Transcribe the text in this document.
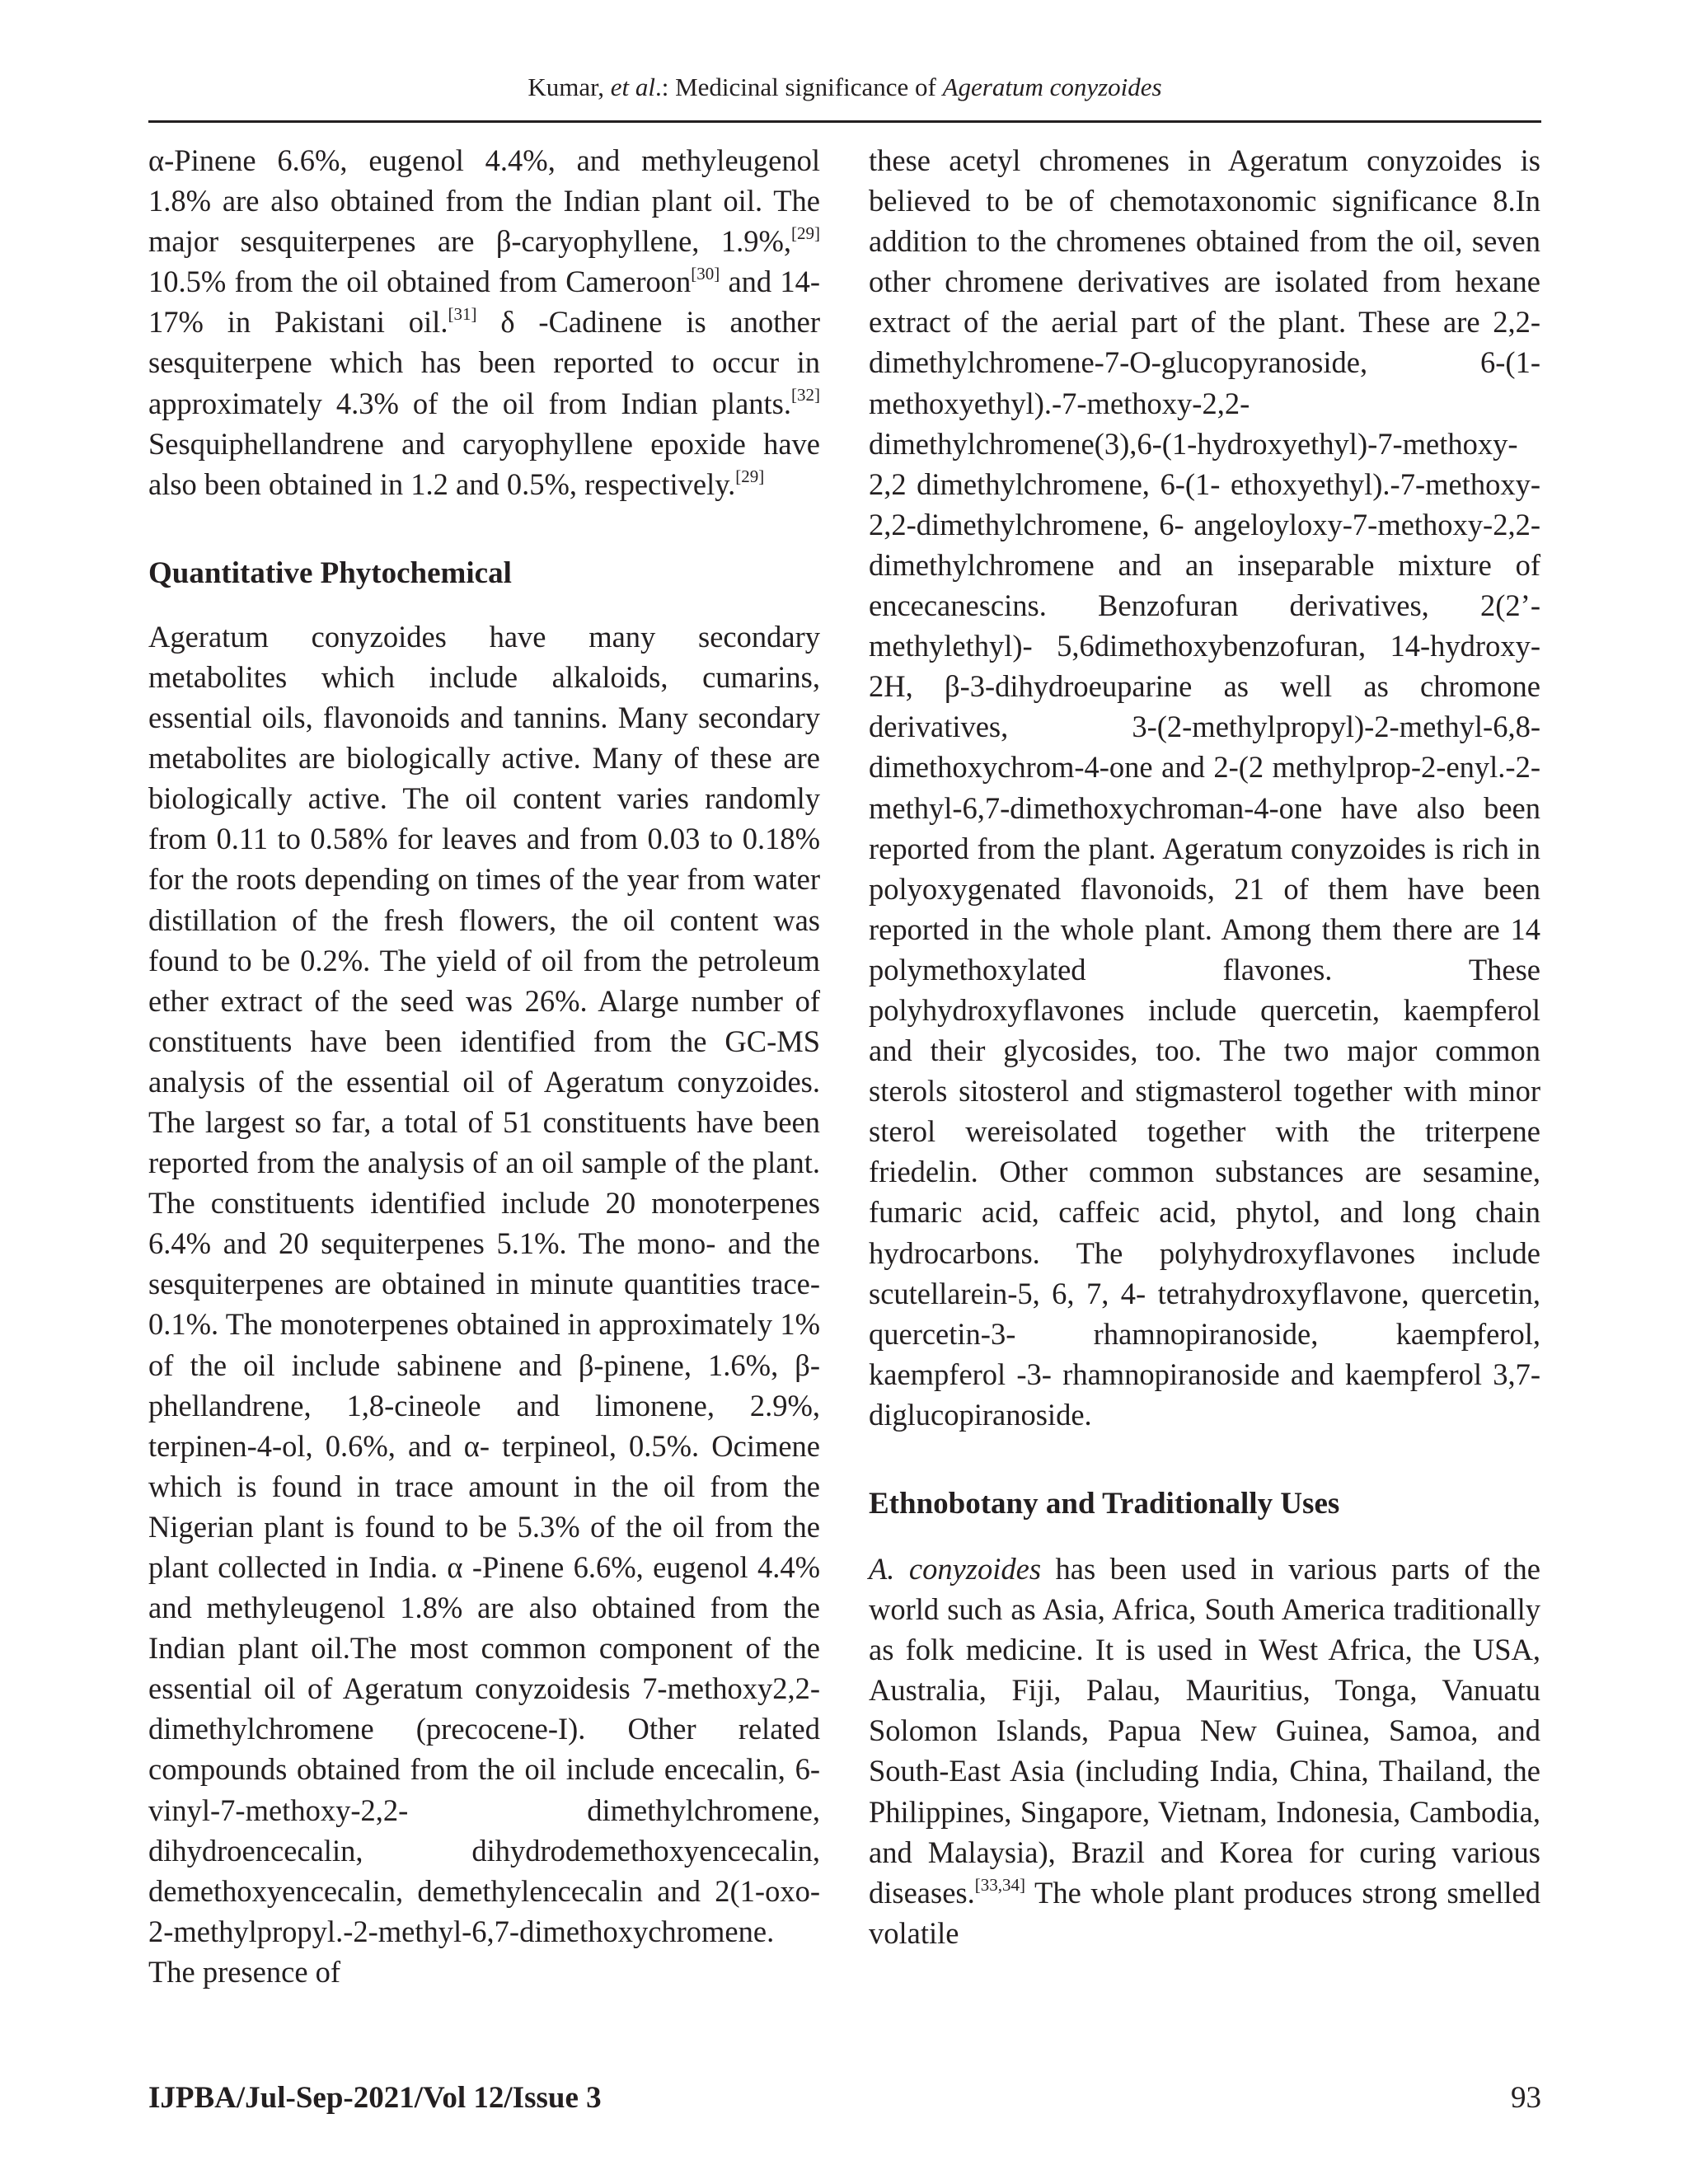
Kumar, et al.: Medicinal significance of Ageratum conyzoides

α-Pinene 6.6%, eugenol 4.4%, and methyleugenol 1.8% are also obtained from the Indian plant oil. The major sesquiterpenes are β-caryophyllene, 1.9%,[29] 10.5% from the oil obtained from Cameroon[30] and 14-17% in Pakistani oil.[31] δ -Cadinene is another sesquiterpene which has been reported to occur in approximately 4.3% of the oil from Indian plants.[32] Sesquiphellandrene and caryophyllene epoxide have also been obtained in 1.2 and 0.5%, respectively.[29]

Quantitative Phytochemical

Ageratum conyzoides have many secondary metabolites which include alkaloids, cumarins, essential oils, flavonoids and tannins. Many secondary metabolites are biologically active. Many of these are biologically active. The oil content varies randomly from 0.11 to 0.58% for leaves and from 0.03 to 0.18% for the roots depending on times of the year from water distillation of the fresh flowers, the oil content was found to be 0.2%. The yield of oil from the petroleum ether extract of the seed was 26%. Alarge number of constituents have been identified from the GC-MS analysis of the essential oil of Ageratum conyzoides. The largest so far, a total of 51 constituents have been reported from the analysis of an oil sample of the plant. The constituents identified include 20 monoterpenes 6.4% and 20 sequiterpenes 5.1%. The mono- and the sesquiterpenes are obtained in minute quantities trace-0.1%. The monoterpenes obtained in approximately 1% of the oil include sabinene and β-pinene, 1.6%, β-phellandrene, 1,8-cineole and limonene, 2.9%, terpinen-4-ol, 0.6%, and α- terpineol, 0.5%. Ocimene which is found in trace amount in the oil from the Nigerian plant is found to be 5.3% of the oil from the plant collected in India. α -Pinene 6.6%, eugenol 4.4% and methyleugenol 1.8% are also obtained from the Indian plant oil.The most common component of the essential oil of Ageratum conyzoidesis 7-methoxy2,2- dimethylchromene (precocene-I). Other related compounds obtained from the oil include encecalin, 6-vinyl-7-methoxy-2,2- dimethylchromene, dihydroencecalin, dihydrodemethoxyencecalin, demethoxyencecalin, demethylencecalin and 2(1-oxo-2-methylpropyl.-2-methyl-6,7-dimethoxychromene. The presence of

these acetyl chromenes in Ageratum conyzoides is believed to be of chemotaxonomic significance 8.In addition to the chromenes obtained from the oil, seven other chromene derivatives are isolated from hexane extract of the aerial part of the plant. These are 2,2- dimethylchromene-7-O-glucopyranoside, 6-(1- methoxyethyl).-7-methoxy-2,2-dimethylchromene(3),6-(1-hydroxyethyl)-7-methoxy-2,2 dimethylchromene, 6-(1- ethoxyethyl).-7-methoxy-2,2-dimethylchromene, 6- angeloyloxy-7-methoxy-2,2-dimethylchromene and an inseparable mixture of encecanescins. Benzofuran derivatives, 2(2’-methylethyl)- 5,6dimethoxybenzofuran, 14-hydroxy-2H, β-3-dihydroeuparine as well as chromone derivatives, 3-(2-methylpropyl)-2-methyl-6,8- dimethoxychrom-4-one and 2-(2 methylprop-2-enyl.-2- methyl-6,7-dimethoxychroman-4-one have also been reported from the plant. Ageratum conyzoides is rich in polyoxygenated flavonoids, 21 of them have been reported in the whole plant. Among them there are 14 polymethoxylated flavones. These polyhydroxyflavones include quercetin, kaempferol and their glycosides, too. The two major common sterols sitosterol and stigmasterol together with minor sterol wereisolated together with the triterpene friedelin. Other common substances are sesamine, fumaric acid, caffeic acid, phytol, and long chain hydrocarbons. The polyhydroxyflavones include scutellarein-5, 6, 7, 4- tetrahydroxyflavone, quercetin, quercetin-3- rhamnopiranoside, kaempferol, kaempferol -3- rhamnopiranoside and kaempferol 3,7- diglucopiranoside.

Ethnobotany and Traditionally Uses

A. conyzoides has been used in various parts of the world such as Asia, Africa, South America traditionally as folk medicine. It is used in West Africa, the USA, Australia, Fiji, Palau, Mauritius, Tonga, Vanuatu Solomon Islands, Papua New Guinea, Samoa, and South-East Asia (including India, China, Thailand, the Philippines, Singapore, Vietnam, Indonesia, Cambodia, and Malaysia), Brazil and Korea for curing various diseases.[33,34] The whole plant produces strong smelled volatile

IJPBA/Jul-Sep-2021/Vol 12/Issue 3	93
